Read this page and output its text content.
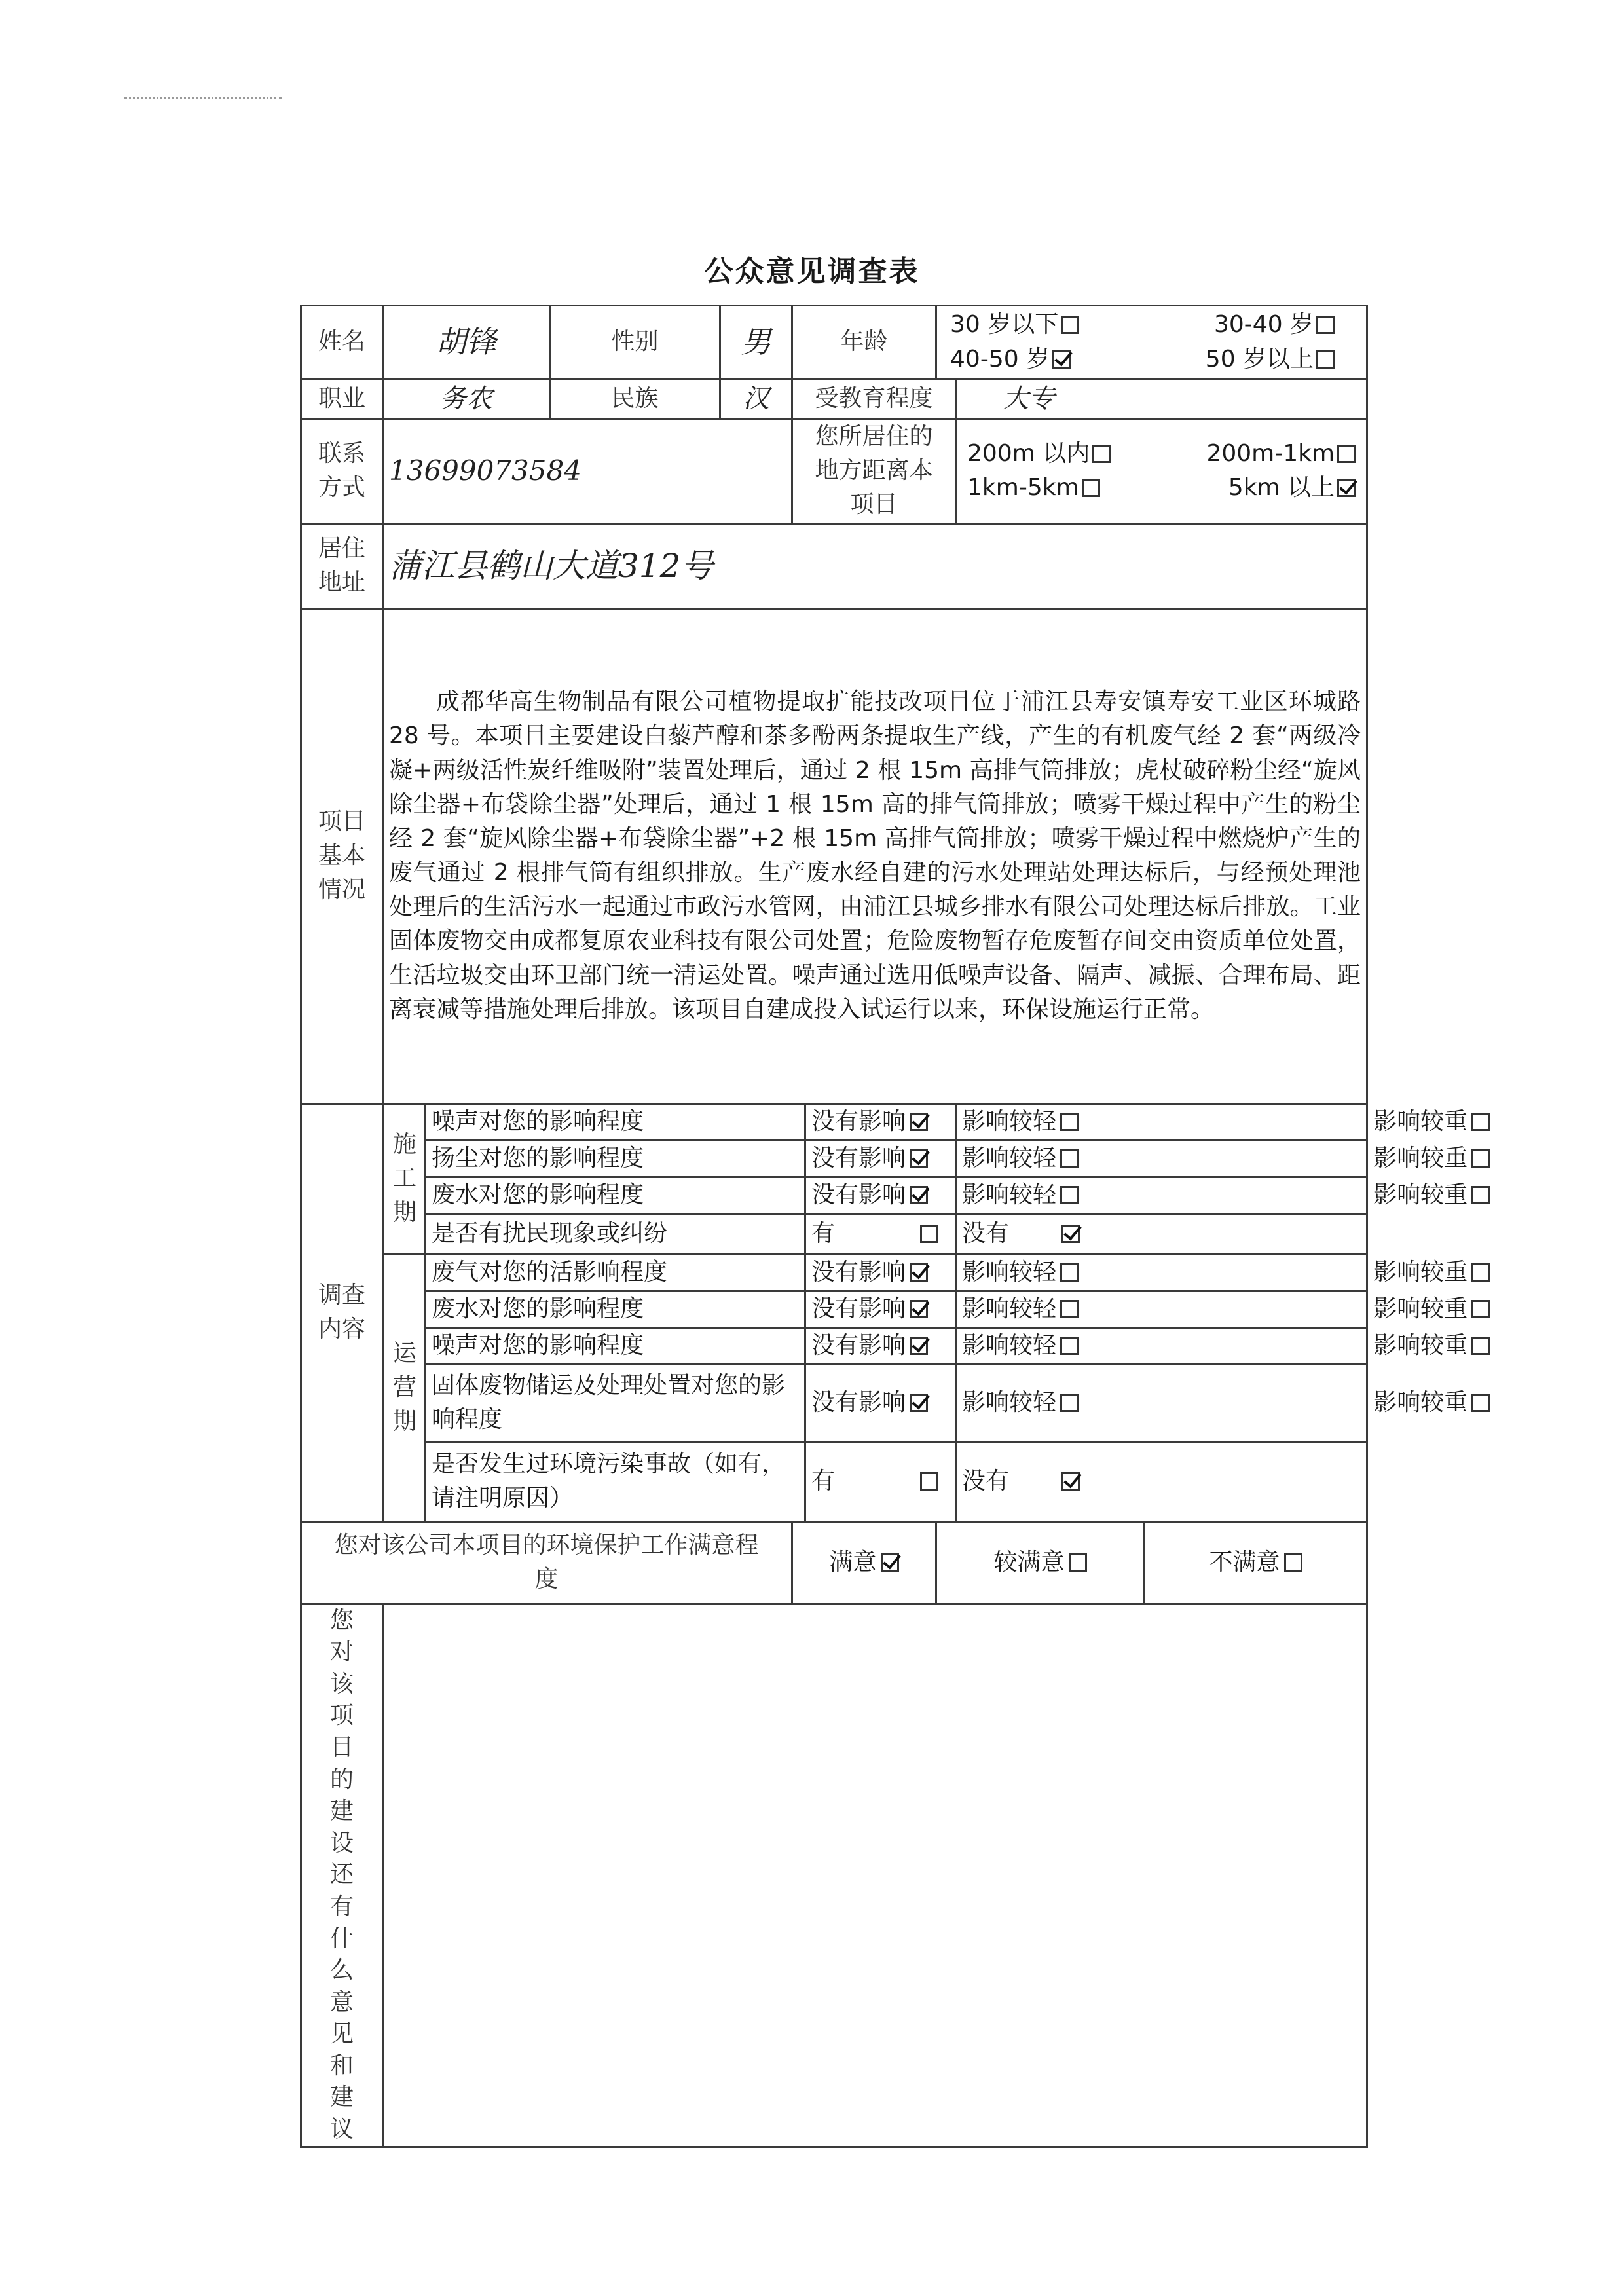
公众意见调查表
姓名	胡锋		性别	男	年龄		30 岁以下 30-40 岁
40-50 岁 50 岁以上			

职业	务农		民族	汉	受教育程度			大专		
联系方式	13699073584				您所居住的地方距离本项目			200m 以内 200m-1km
1km-5km 5km 以上		

居住地址	蒲江县鹤山大道312号									
项目基本情况	成都华高生物制品有限公司植物提取扩能技改项目位于浦江县寿安镇寿安工业区环城路 28 号。本项目主要建设白藜芦醇和茶多酚两条提取生产线，产生的有机废气经 2 套“两级冷凝+两级活性炭纤维吸附”装置处理后，通过 2 根 15m 高排气筒排放；虎杖破碎粉尘经“旋风除尘器+布袋除尘器”处理后，通过 1 根 15m 高的排气筒排放；喷雾干燥过程中产生的粉尘经 2 套“旋风除尘器+布袋除尘器”+2 根 15m 高排气筒排放；喷雾干燥过程中燃烧炉产生的废气通过 2 根排气筒有组织排放。生产废水经自建的污水处理站处理达标后，与经预处理池处理后的生活污水一起通过市政污水管网，由浦江县城乡排水有限公司处理达标后排放。工业固体废物交由成都复原农业科技有限公司处置；危险废物暂存危废暂存间交由资质单位处置，生活垃圾交由环卫部门统一清运处置。噪声通过选用低噪声设备、隔声、减振、合理布局、距离衰减等措施处理后排放。该项目自建成投入试运行以来，环保设施运行正常。									
调查内容	施工期	噪声对您的影响程度				没有影响		影响较轻		影响较重
		扬尘对您的影响程度				没有影响		影响较轻		影响较重
		废水对您的影响程度				没有影响		影响较轻		影响较重
		是否有扰民现象或纠纷				有		没有		
	运营期	废气对您的活影响程度				没有影响		影响较轻		影响较重
		废水对您的影响程度				没有影响		影响较轻		影响较重
		噪声对您的影响程度				没有影响		影响较轻		影响较重
		固体废物储运及处理处置对您的影响程度				没有影响		影响较轻		影响较重
		是否发生过环境污染事故（如有，请注明原因）				有		没有		
您对该公司本项目的环境保护工作满意程度					满意		较满意		不满意	
您对该项目的建设还有什么意见和建议										
